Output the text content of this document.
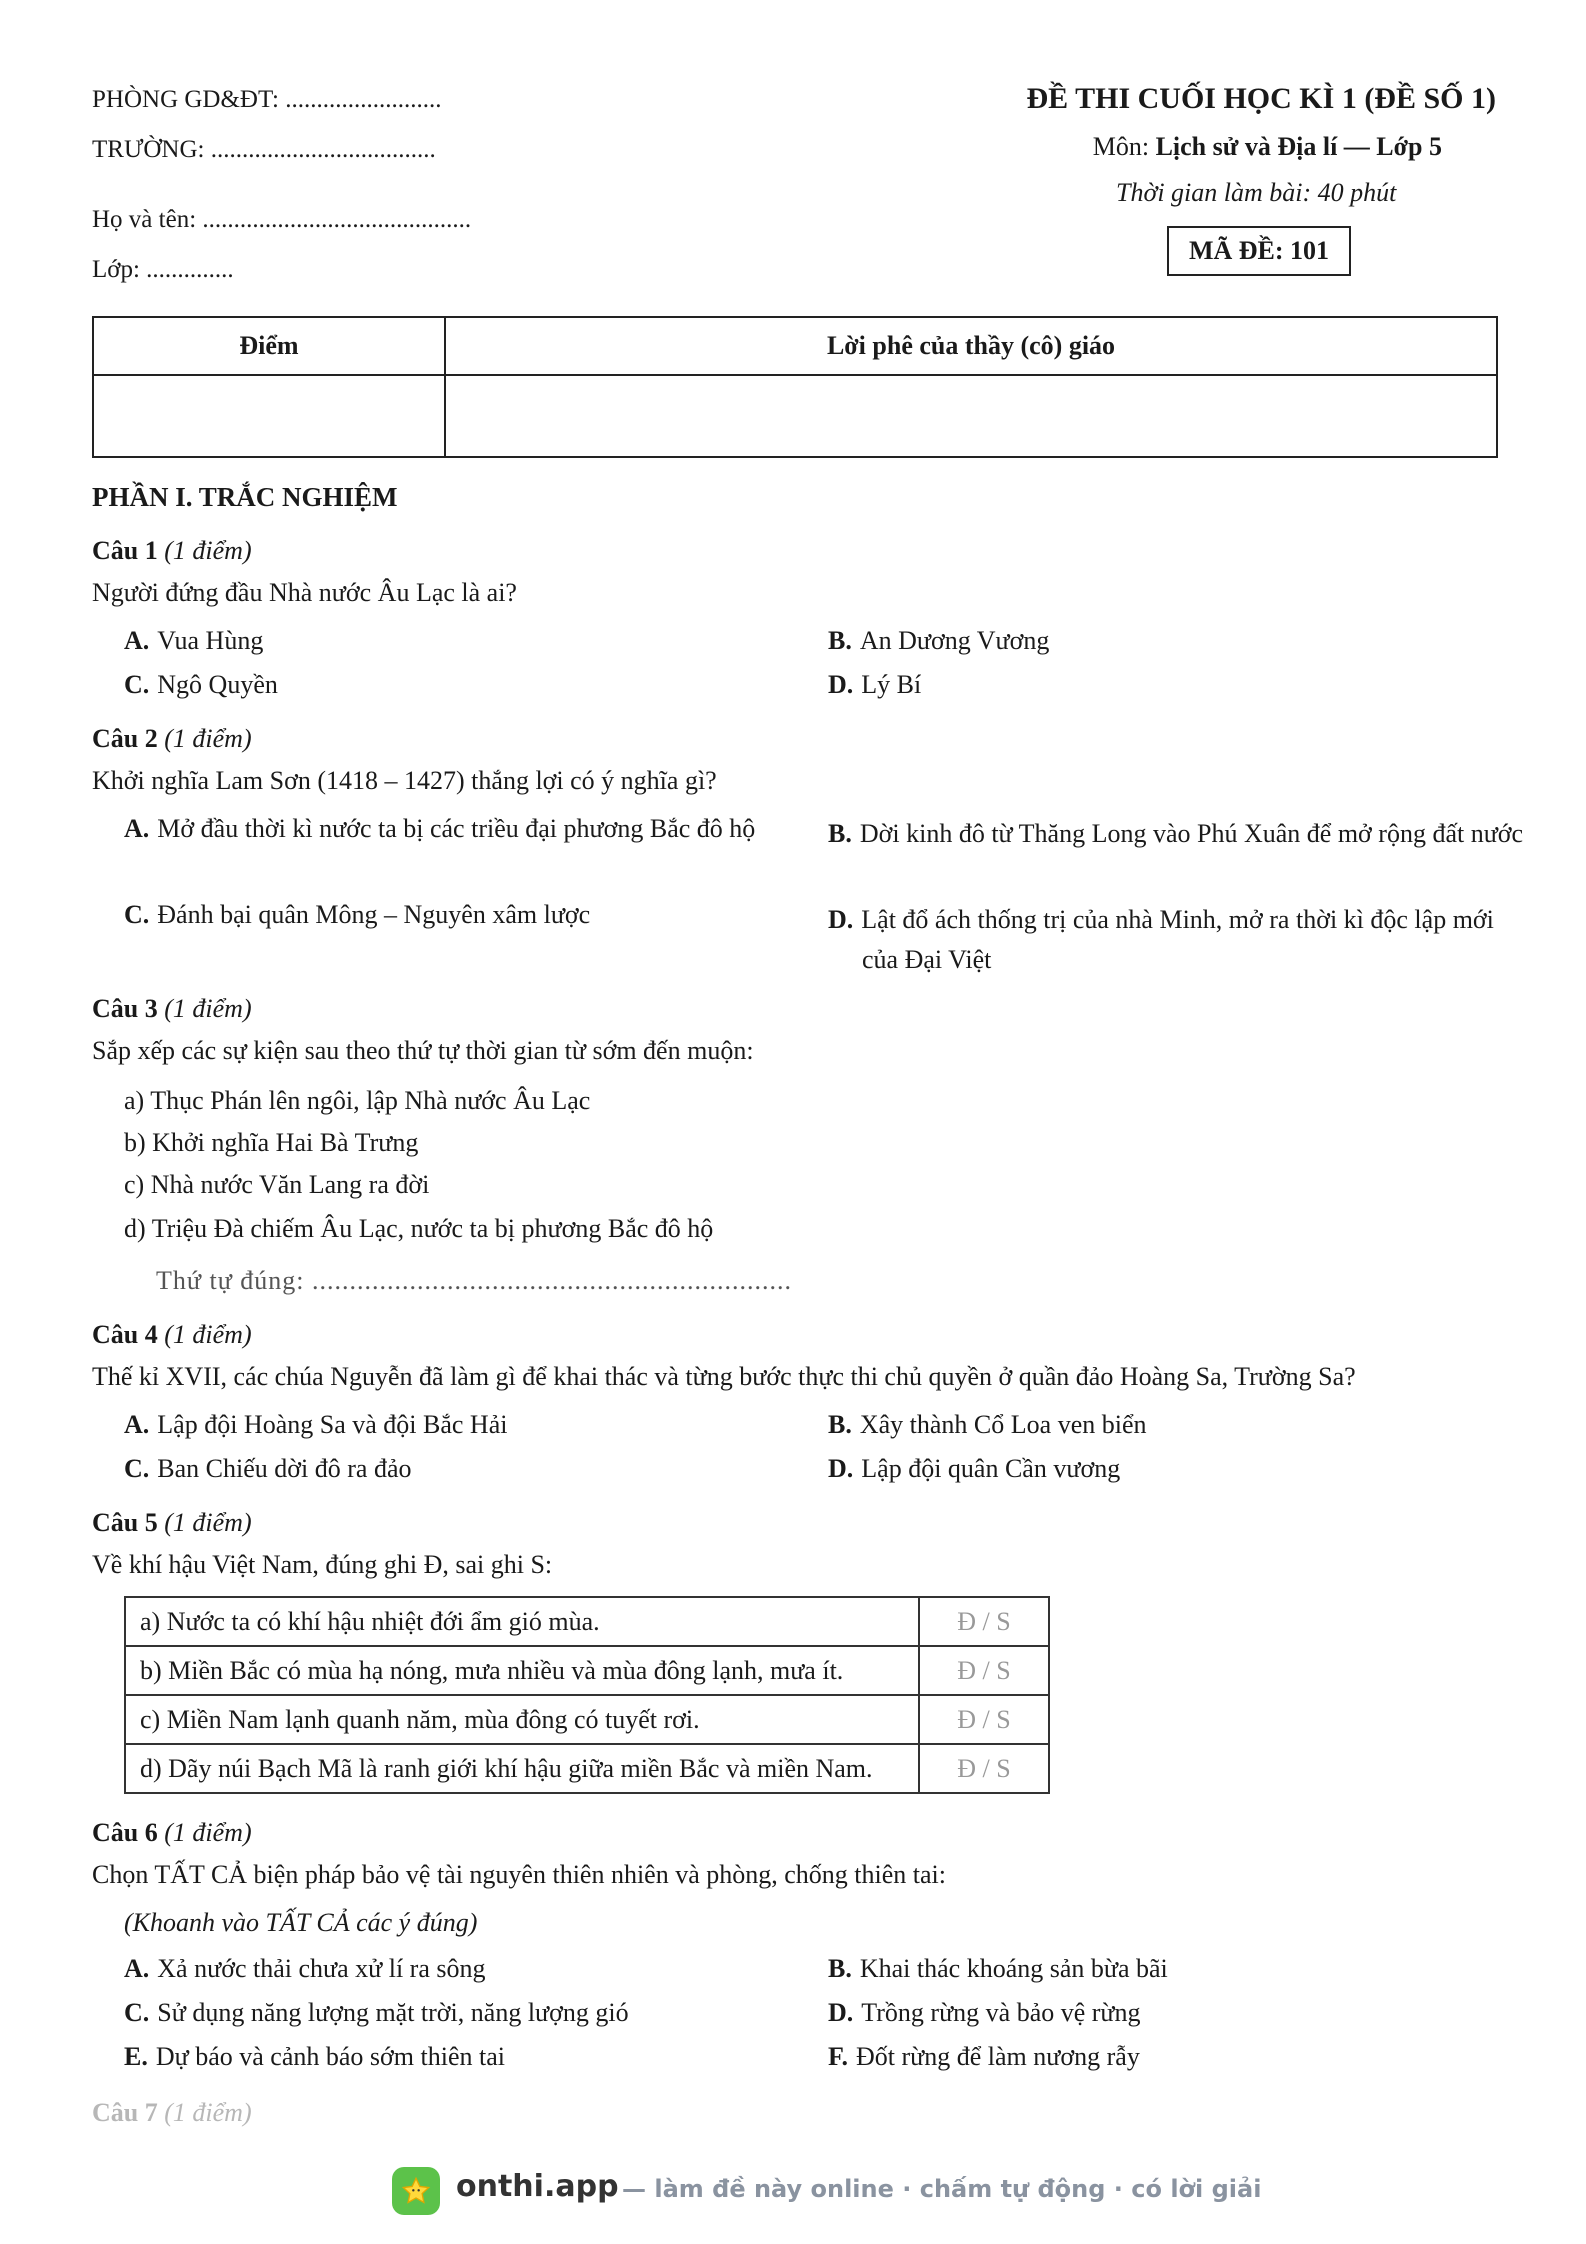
PHÒNG GD&ĐT: .........................
TRƯỜNG: ....................................
Họ và tên: ...........................................
Lớp: ..............
ĐỀ THI CUỐI HỌC KÌ 1 (ĐỀ SỐ 1)
Môn: Lịch sử và Địa lí — Lớp 5
Thời gian làm bài: 40 phút
MÃ ĐỀ: 101
Điểm	Lời phê của thầy (cô) giáo

PHẦN I. TRẮC NGHIỆM
Câu 1 (1 điểm)
Người đứng đầu Nhà nước Âu Lạc là ai?
A. Vua Hùng	B. An Dương Vương
C. Ngô Quyền	D. Lý Bí
Câu 2 (1 điểm)
Khởi nghĩa Lam Sơn (1418 – 1427) thắng lợi có ý nghĩa gì?
A. Mở đầu thời kì nước ta bị các triều đại phương Bắc đô hộ	B. Dời kinh đô từ Thăng Long vào Phú Xuân để mở rộng đất nước
C. Đánh bại quân Mông – Nguyên xâm lược	D. Lật đổ ách thống trị của nhà Minh, mở ra thời kì độc lập mới của Đại Việt
Câu 3 (1 điểm)
Sắp xếp các sự kiện sau theo thứ tự thời gian từ sớm đến muộn:
a) Thục Phán lên ngôi, lập Nhà nước Âu Lạc
b) Khởi nghĩa Hai Bà Trưng
c) Nhà nước Văn Lang ra đời
d) Triệu Đà chiếm Âu Lạc, nước ta bị phương Bắc đô hộ
Thứ tự đúng: ................................................................
Câu 4 (1 điểm)
Thế kỉ XVII, các chúa Nguyễn đã làm gì để khai thác và từng bước thực thi chủ quyền ở quần đảo Hoàng Sa, Trường Sa?
A. Lập đội Hoàng Sa và đội Bắc Hải	B. Xây thành Cổ Loa ven biển
C. Ban Chiếu dời đô ra đảo	D. Lập đội quân Cần vương
Câu 5 (1 điểm)
Về khí hậu Việt Nam, đúng ghi Đ, sai ghi S:
a) Nước ta có khí hậu nhiệt đới ẩm gió mùa.	Đ / S
b) Miền Bắc có mùa hạ nóng, mưa nhiều và mùa đông lạnh, mưa ít.	Đ / S
c) Miền Nam lạnh quanh năm, mùa đông có tuyết rơi.	Đ / S
d) Dãy núi Bạch Mã là ranh giới khí hậu giữa miền Bắc và miền Nam.	Đ / S
Câu 6 (1 điểm)
Chọn TẤT CẢ biện pháp bảo vệ tài nguyên thiên nhiên và phòng, chống thiên tai:
(Khoanh vào TẤT CẢ các ý đúng)
A. Xả nước thải chưa xử lí ra sông	B. Khai thác khoáng sản bừa bãi
C. Sử dụng năng lượng mặt trời, năng lượng gió	D. Trồng rừng và bảo vệ rừng
E. Dự báo và cảnh báo sớm thiên tai	F. Đốt rừng để làm nương rẫy
Câu 7 (1 điểm)
onthi.app — làm đề này online · chấm tự động · có lời giải
